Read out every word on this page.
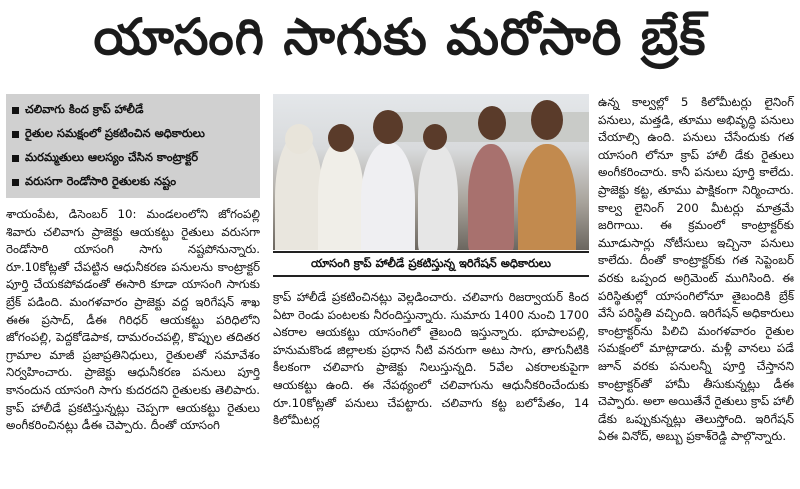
యాసంగి సాగుకు మరోసారి బ్రేక్
చలివాగు కింద క్రాప్ హాలీడే
రైతుల సమక్షంలో ప్రకటించిన అధికారులు
మరమ్మతులు ఆలస్యం చేసిన కాంట్రాక్టర్
వరుసగా రెండోసారి రైతులకు నష్టం

శాయంపేట, డిసెంబర్ 10: మండలంలోని జోగంపల్లి శివారు చలివాగు ప్రాజెక్టు ఆయకట్టు రైతులు వరుసగా రెండోసారి యాసంగి సాగు నష్టపోనున్నారు. రూ.10కోట్లతో చేపట్టిన ఆధునీకరణ పనులను కాంట్రాక్టర్ పూర్తి చేయకపోవడంతో ఈసారి కూడా యాసంగి సాగుకు బ్రేక్ పడింది. మంగళవారం ప్రాజెక్టు వద్ద ఇరిగేషన్ శాఖ ఈఈ ప్రసాద్, డీఈ గిరిధర్ ఆయకట్టు పరిధిలోని జోగంపల్లి, పెద్దకోడెపాక, దామరంచపల్లి, కొప్పుల తదితర గ్రామాల మాజీ ప్రజాప్రతినిధులు, రైతులతో సమావేశం నిర్వహించారు. ప్రాజెక్టు ఆధునీకరణ పనులు పూర్తి కానందున యాసంగి సాగు కుదరదని రైతులకు తెలిపారు. క్రాప్ హాలీడే ప్రకటిస్తున్నట్లు చెప్పగా ఆయకట్టు రైతులు అంగీకరించినట్లు డీఈ చెప్పారు. దీంతో యాసంగి

యాసంగి క్రాప్ హాలీడే ప్రకటిస్తున్న ఇరిగేషన్ అధికారులు

క్రాప్ హాలీడే ప్రకటించినట్లు వెల్లడించారు. చలివాగు రిజర్వాయర్ కింద ఏటా రెండు పంటలకు నీరందిస్తున్నారు. సుమారు 1400 నుంచి 1700 ఎకరాల ఆయకట్టు యాసంగిలో తైబంది ఇస్తున్నారు. భూపాలపల్లి, హనుమకొండ జిల్లాలకు ప్రధాన నీటి వనరుగా అటు సాగు, తాగునీటికి కీలకంగా చలివాగు ప్రాజెక్టు నిలుస్తున్నది. 5వేల ఎకరాలకుపైగా ఆయకట్టు ఉంది. ఈ నేపథ్యంలో చలివాగును ఆధునీకరించేందుకు రూ.10కోట్లతో పనులు చేపట్టారు. చలివాగు కట్ట బలోపేతం, 14 కిలోమీటర్ల

ఉన్న కాల్వల్లో 5 కిలోమీటర్లు లైనింగ్ పనులు, మత్తడి, తూము అభివృద్ధి పనులు చేయాల్సి ఉంది. పనులు చేసేందుకు గత యాసంగి లోనూ క్రాప్ హాలీ డేకు రైతులు అంగీకరించారు. కానీ పనులు పూర్తి కాలేదు. ప్రాజెక్టు కట్ట, తూము పాక్షికంగా నిర్మించారు. కాల్వ లైనింగ్ 200 మీటర్లు మాత్రమే జరిగాయి. ఈ క్రమంలో కాంట్రాక్టర్‌కు మూడుసార్లు నోటీసులు ఇచ్చినా పనులు కాలేదు. దీంతో కాంట్రాక్టర్‌కు గత సెప్టెంబర్ వరకు ఒప్పంద అగ్రిమెంట్ ముగిసింది. ఈ పరిస్థితుల్లో యాసంగిలోనూ తైబందికి బ్రేక్ వేసే పరిస్థితి వచ్చింది. ఇరిగేషన్ అధికారులు కాంట్రాక్టర్‌ను పిలిచి మంగళవారం రైతుల సమక్షంలో మాట్లాడారు. మళ్లీ వానలు పడే జూన్ వరకు పనులన్నీ పూర్తి చేస్తానని కాంట్రాక్టర్‌తో హామీ తీసుకున్నట్లు డీఈ చెప్పారు. అలా అయితేనే రైతులు క్రాప్ హాలీ డేకు ఒప్పుకున్నట్లు తెలుస్తోంది. ఇరిగేషన్ ఏఈ వినోద్, అబ్బు ప్రకాశ్‌రెడ్డి పాల్గొన్నారు.
